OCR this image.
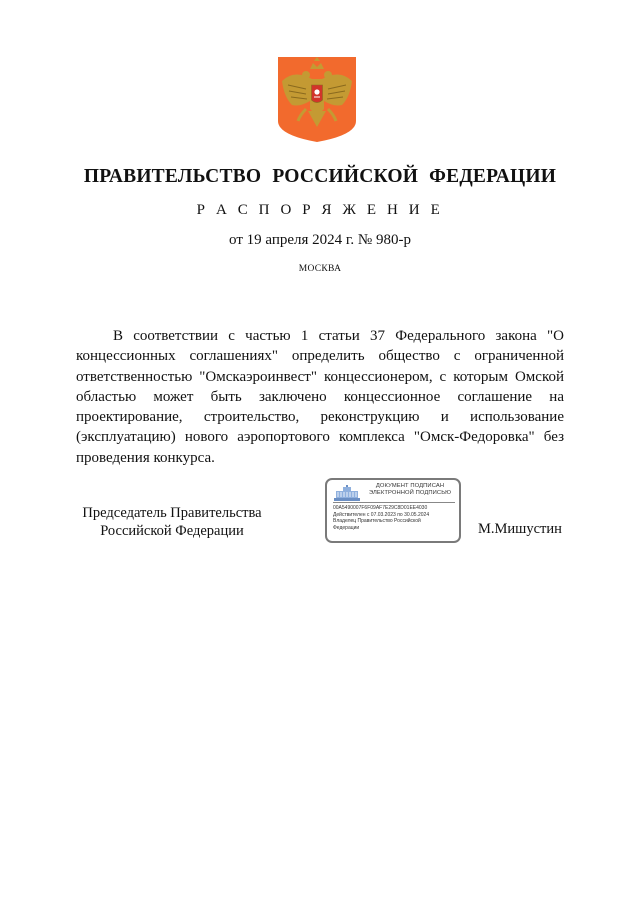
ПРАВИТЕЛЬСТВО РОССИЙСКОЙ ФЕДЕРАЦИИ
Р А С П О Р Я Ж Е Н И Е
от 19 апреля 2024 г. № 980-р
МОСКВА

В соответствии с частью 1 статьи 37 Федерального закона "О концессионных соглашениях" определить общество с ограниченной ответственностью "Омскаэроинвест" концессионером, с которым Омской областью может быть заключено концессионное соглашение на проектирование, строительство, реконструкцию и использование (эксплуатацию) нового аэропортового комплекса "Омск-Федоровка" без проведения конкурса.

Председатель Правительства
Российской Федерации
ДОКУМЕНТ ПОДПИСАН
ЭЛЕКТРОННОЙ ПОДПИСЬЮ
00A5490007F6F09AF7E29C8D01EE4030
Действителен с 07.03.2023 по 30.05.2024
Владелец Правительство Российской
Федерации	М.Мишустин
